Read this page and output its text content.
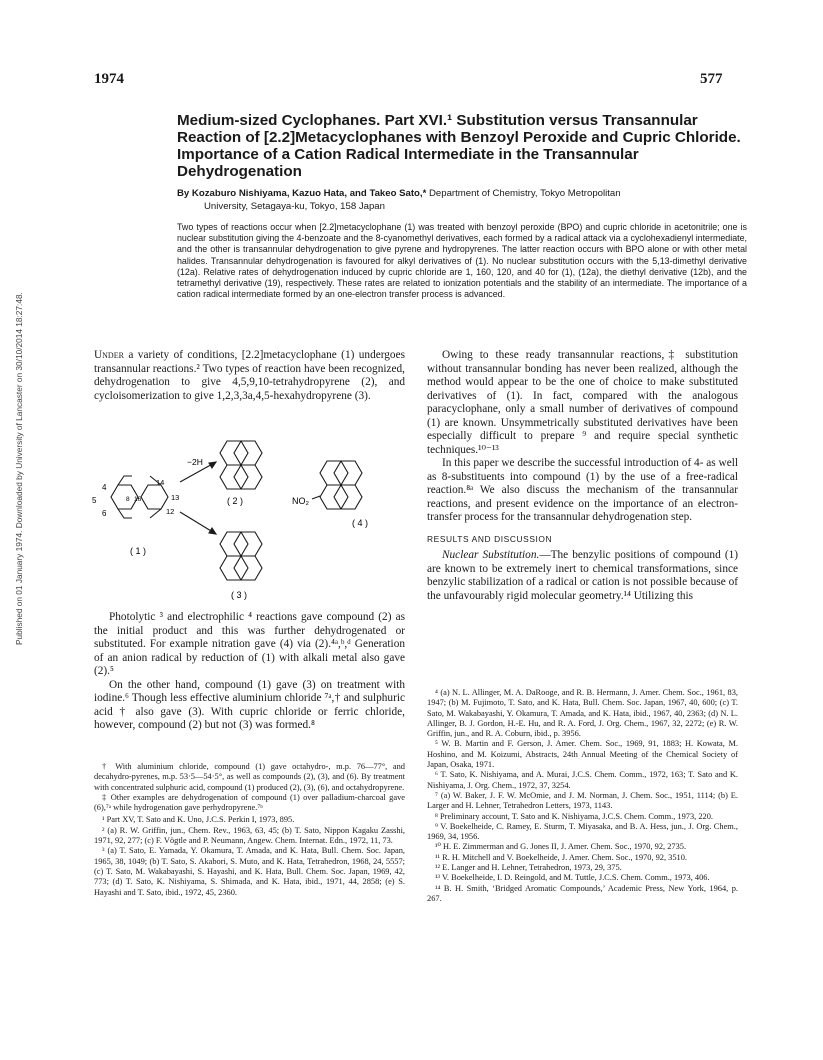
Published on 01 January 1974. Downloaded by University of Lancaster on 30/10/2014 18:27:48.
1974	577
Medium-sized Cyclophanes. Part XVI.¹ Substitution versus Transannular Reaction of [2.2]Metacyclophanes with Benzoyl Peroxide and Cupric Chloride. Importance of a Cation Radical Intermediate in the Transannular Dehydrogenation
By Kozaburo Nishiyama, Kazuo Hata, and Takeo Sato,* Department of Chemistry, Tokyo Metropolitan
University, Setagaya-ku, Tokyo, 158 Japan
Two types of reactions occur when [2.2]metacyclophane (1) was treated with benzoyl peroxide (BPO) and cupric chloride in acetonitrile; one is nuclear substitution giving the 4-benzoate and the 8-cyanomethyl derivatives, each formed by a radical attack via a cyclohexadienyl intermediate, and the other is transannular dehydrogenation to give pyrene and hydropyrenes. The latter reaction occurs with BPO alone or with other metal halides. Transannular dehydrogenation is favoured for alkyl derivatives of (1). No nuclear substitution occurs with the 5,13-dimethyl derivative (12a). Relative rates of dehydrogenation induced by cupric chloride are 1, 160, 120, and 40 for (1), (12a), the diethyl derivative (12b), and the tetramethyl derivative (19), respectively. These rates are related to ionization potentials and the stability of an intermediate. The importance of a cation radical intermediate formed by an one-electron transfer process is advanced.

Under a variety of conditions, [2.2]metacyclophane (1) undergoes transannular reactions.² Two types of reaction have been recognized, dehydrogenation to give 4,5,9,10-tetrahydropyrene (2), and cycloisomerization to give 1,2,3,3a,4,5-hexahydropyrene (3).

4
5
6
8 16
14
13
12
( 1 )
−2H
( 2 )	NO₂
( 4 )
( 3 )

Photolytic ³ and electrophilic ⁴ reactions gave compound (2) as the initial product and this was further dehydrogenated or substituted. For example nitration gave (4) via (2).⁴ᵃ,ᵇ,ᵈ Generation of an anion radical by reduction of (1) with alkali metal also gave (2).⁵

On the other hand, compound (1) gave (3) on treatment with iodine.⁶ Though less effective aluminium chloride ⁷ᵃ,† and sulphuric acid † also gave (3). With cupric chloride or ferric chloride, however, compound (2) but not (3) was formed.⁸

† With aluminium chloride, compound (1) gave octahydro-, m.p. 76—77°, and decahydro-pyrenes, m.p. 53·5—54·5°, as well as compounds (2), (3), and (6). By treatment with concentrated sulphuric acid, compound (1) produced (2), (3), (6), and octahydropyrene.

‡ Other examples are dehydrogenation of compound (1) over palladium-charcoal gave (6),⁷ᵃ while hydrogenation gave perhydropyrene.⁷ᵇ

¹ Part XV, T. Sato and K. Uno, J.C.S. Perkin I, 1973, 895.

² (a) R. W. Griffin, jun., Chem. Rev., 1963, 63, 45; (b) T. Sato, Nippon Kagaku Zasshi, 1971, 92, 277; (c) F. Vögtle and P. Neumann, Angew. Chem. Internat. Edn., 1972, 11, 73.

³ (a) T. Sato, E. Yamada, Y. Okamura, T. Amada, and K. Hata, Bull. Chem. Soc. Japan, 1965, 38, 1049; (b) T. Sato, S. Akabori, S. Muto, and K. Hata, Tetrahedron, 1968, 24, 5557; (c) T. Sato, M. Wakabayashi, S. Hayashi, and K. Hata, Bull. Chem. Soc. Japan, 1969, 42, 773; (d) T. Sato, K. Nishiyama, S. Shimada, and K. Hata, ibid., 1971, 44, 2858; (e) S. Hayashi and T. Sato, ibid., 1972, 45, 2360.

Owing to these ready transannular reactions,‡ substitution without transannular bonding has never been realized, although the method would appear to be the one of choice to make substituted derivatives of (1). In fact, compared with the analogous paracyclophane, only a small number of derivatives of compound (1) are known. Unsymmetrically substituted derivatives have been especially difficult to prepare ⁹ and require special synthetic techniques.¹⁰⁻¹³

In this paper we describe the successful introduction of 4- as well as 8-substituents into compound (1) by the use of a free-radical reaction.⁸ᵃ We also discuss the mechanism of the transannular reactions, and present evidence on the importance of an electron-transfer process for the transannular dehydrogenation step.

RESULTS AND DISCUSSION

Nuclear Substitution.—The benzylic positions of compound (1) are known to be extremely inert to chemical transformations, since benzylic stabilization of a radical or cation is not possible because of the unfavourably rigid molecular geometry.¹⁴ Utilizing this

⁴ (a) N. L. Allinger, M. A. DaRooge, and R. B. Hermann, J. Amer. Chem. Soc., 1961, 83, 1947; (b) M. Fujimoto, T. Sato, and K. Hata, Bull. Chem. Soc. Japan, 1967, 40, 600; (c) T. Sato, M. Wakabayashi, Y. Okamura, T. Amada, and K. Hata, ibid., 1967, 40, 2363; (d) N. L. Allinger, B. J. Gordon, H.-E. Hu, and R. A. Ford, J. Org. Chem., 1967, 32, 2272; (e) R. W. Griffin, jun., and R. A. Coburn, ibid., p. 3956.

⁵ W. B. Martin and F. Gerson, J. Amer. Chem. Soc., 1969, 91, 1883; H. Kowata, M. Hoshino, and M. Koizumi, Abstracts, 24th Annual Meeting of the Chemical Society of Japan, Osaka, 1971.

⁶ T. Sato, K. Nishiyama, and A. Murai, J.C.S. Chem. Comm., 1972, 163; T. Sato and K. Nishiyama, J. Org. Chem., 1972, 37, 3254.

⁷ (a) W. Baker, J. F. W. McOmie, and J. M. Norman, J. Chem. Soc., 1951, 1114; (b) E. Larger and H. Lehner, Tetrahedron Letters, 1973, 1143.

⁸ Preliminary account, T. Sato and K. Nishiyama, J.C.S. Chem. Comm., 1973, 220.

⁹ V. Boekelheide, C. Ramey, E. Sturm, T. Miyasaka, and B. A. Hess, jun., J. Org. Chem., 1969, 34, 1956.

¹⁰ H. E. Zimmerman and G. Jones II, J. Amer. Chem. Soc., 1970, 92, 2735.

¹¹ R. H. Mitchell and V. Boekelheide, J. Amer. Chem. Soc., 1970, 92, 3510.

¹² E. Langer and H. Lehner, Tetrahedron, 1973, 29, 375.

¹³ V. Boekelheide, I. D. Reingold, and M. Tuttle, J.C.S. Chem. Comm., 1973, 406.

¹⁴ B. H. Smith, ‘Bridged Aromatic Compounds,’ Academic Press, New York, 1964, p. 267.
